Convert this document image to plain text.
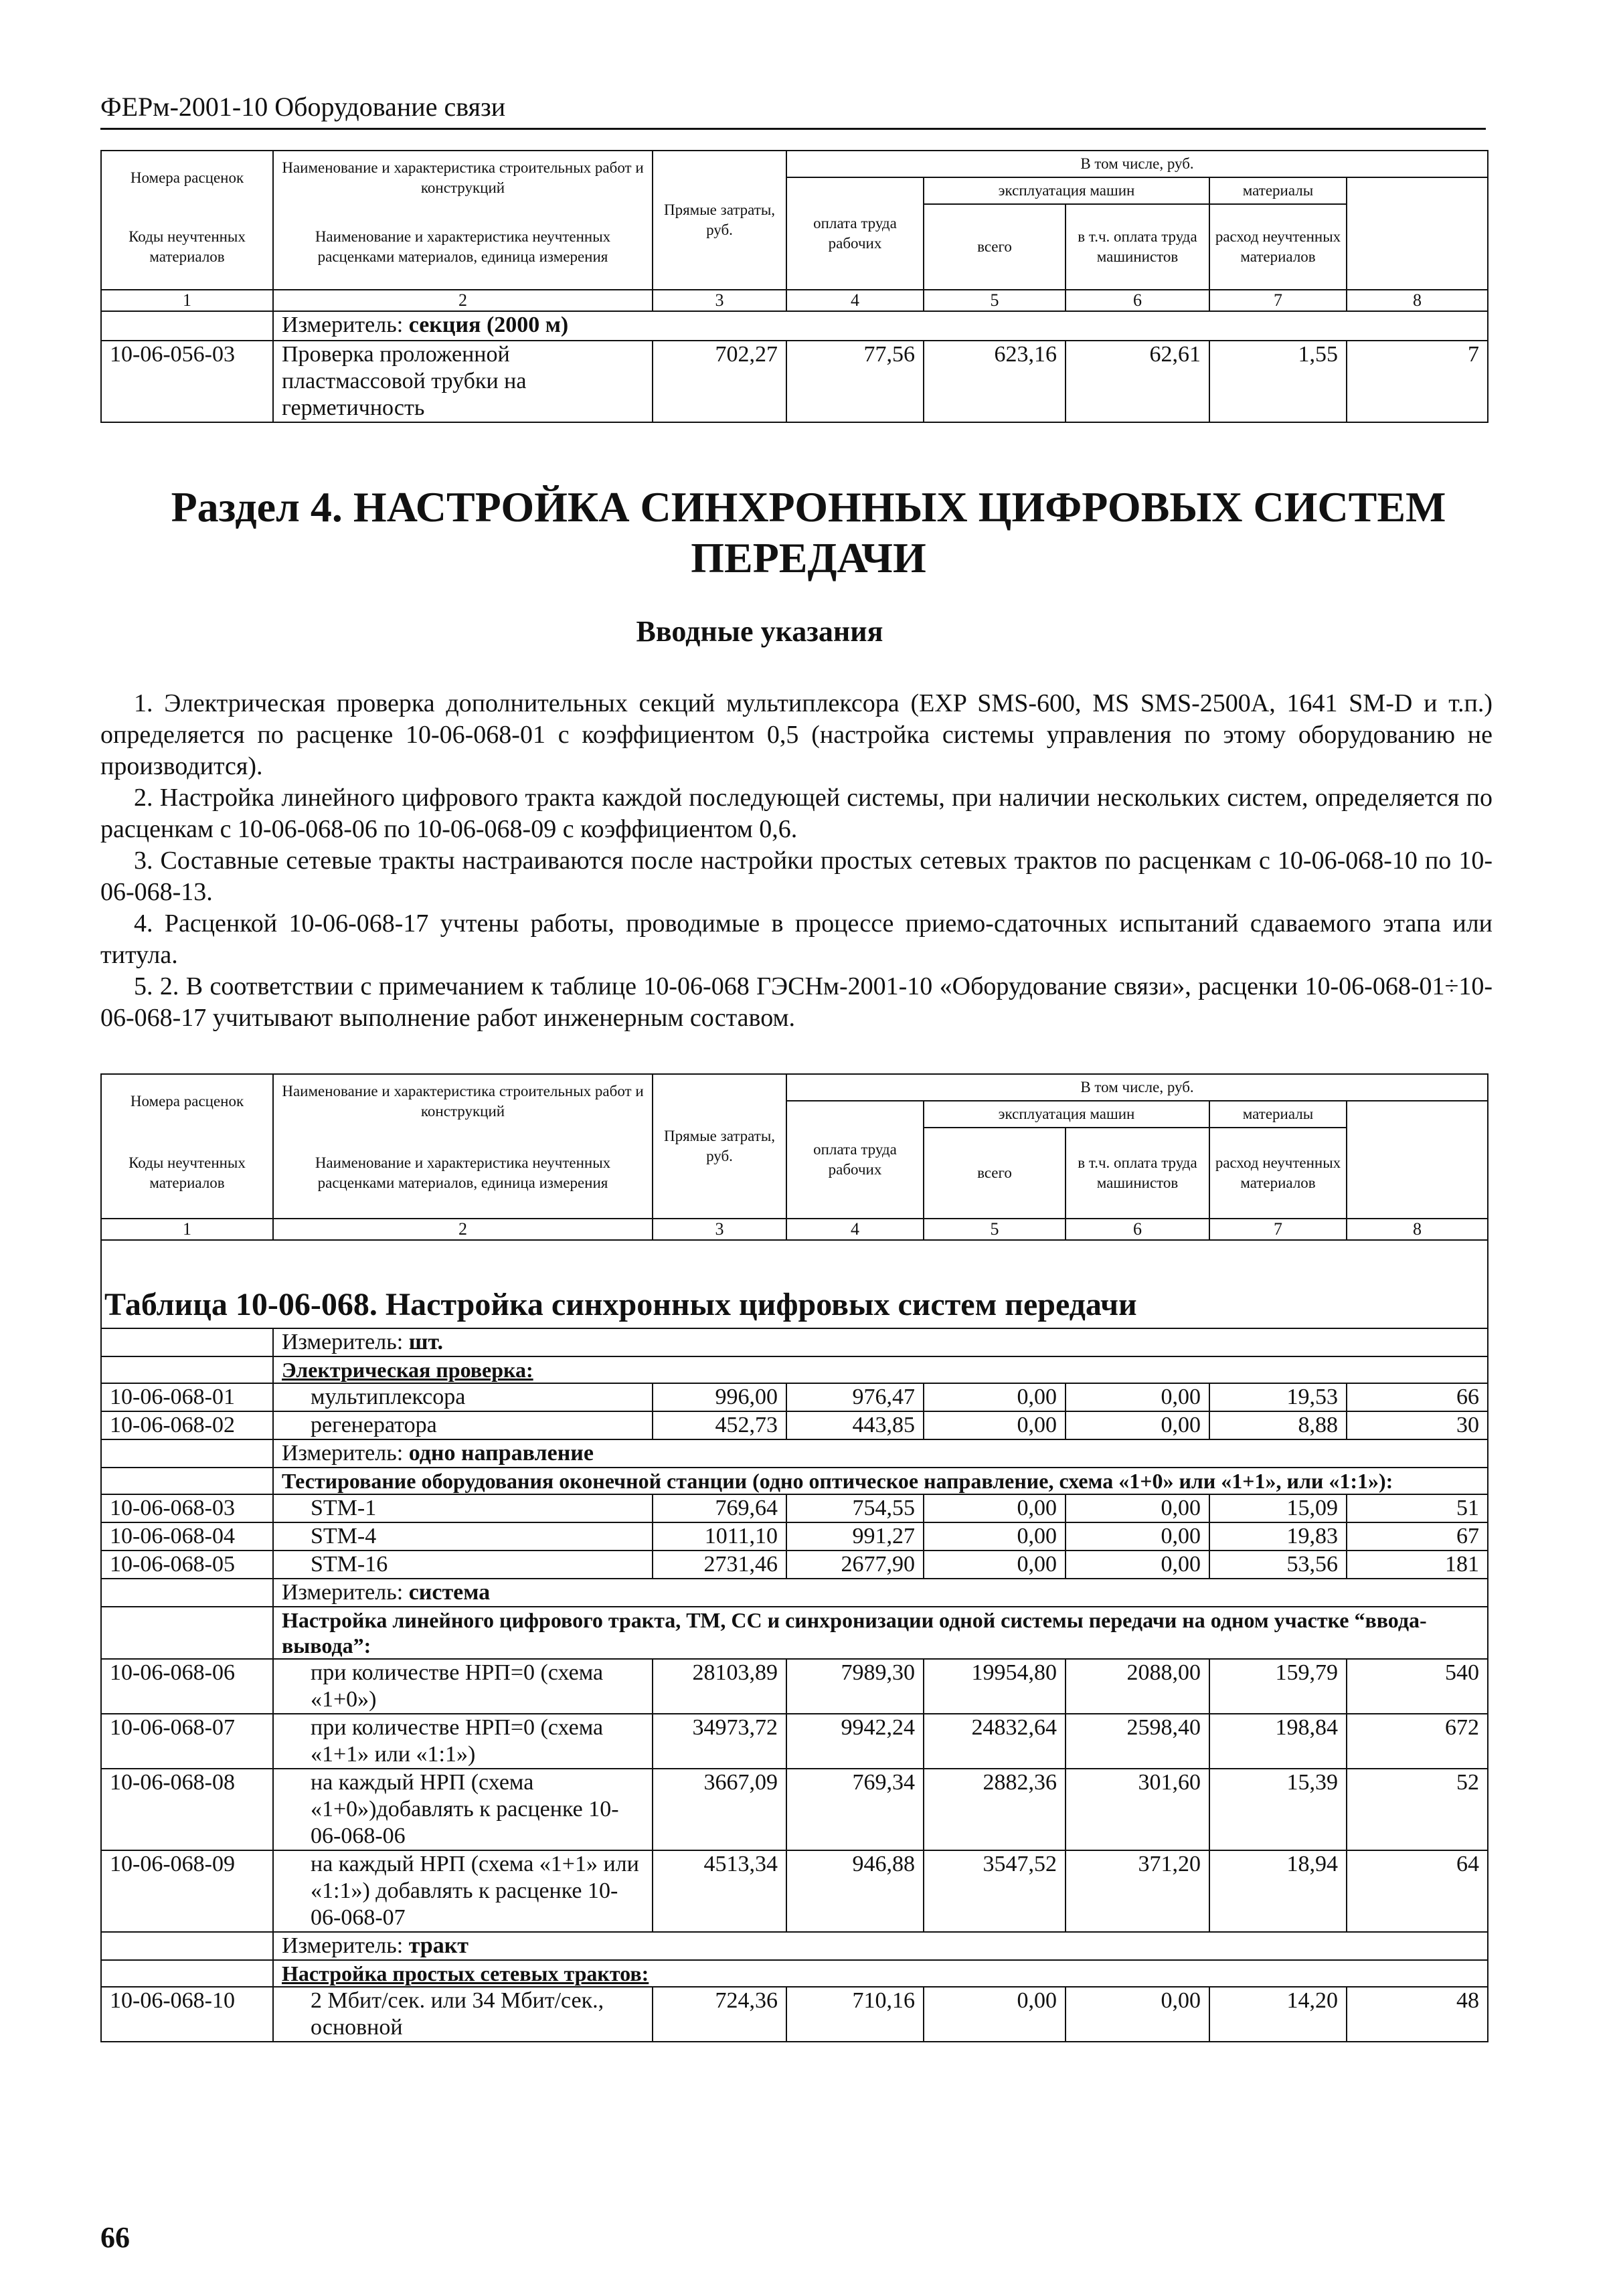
ФЕРм-2001-10 Оборудование связи
Номера расценок	Наименование и характеристика строительных работ и конструкций	Прямые затраты, руб.	В том числе, руб.	
			оплата труда рабочих	эксплуатация машин		материалы		
Коды неучтенных материалов	Наименование и характеристика неучтенных расценками материалов, единица измерения			всего	в т.ч. оплата труда машинистов	расход неучтенных материалов		

1	2	3	4	5	6	7	8	
	Измеритель: секция (2000 м)							
10-06-056-03	Проверка проложенной пластмассовой трубки на герметичность	702,27	77,56	623,16	62,61	1,55	7	
Раздел 4. НАСТРОЙКА СИНХРОННЫХ ЦИФРОВЫХ СИСТЕМ
ПЕРЕДАЧИ
Вводные указания

1. Электрическая проверка дополнительных секций мультиплексора (EXP SMS-600, MS SMS-2500A, 1641 SM-D и т.п.) определяется по расценке 10-06-068-01 с коэффициентом 0,5 (настройка системы управления по этому оборудованию не производится).

2. Настройка линейного цифрового тракта каждой последующей системы, при наличии нескольких систем, определяется по расценкам с 10-06-068-06 по 10-06-068-09 с коэффициентом 0,6.

3. Составные сетевые тракты настраиваются после настройки простых сетевых трактов по расценкам с 10-06-068-10 по 10-06-068-13.

4. Расценкой 10-06-068-17 учтены работы, проводимые в процессе приемо-сдаточных испытаний сдаваемого этапа или титула.

5. 2. В соответствии с примечанием к таблице 10-06-068 ГЭСНм-2001-10 «Оборудование связи», расценки 10-06-068-01÷10-06-068-17 учитывают выполнение работ инженерным составом.

Номера расценок	Наименование и характеристика строительных работ и конструкций	Прямые затраты, руб.	В том числе, руб.	
			оплата труда рабочих	эксплуатация машин		материалы		
Коды неучтенных материалов	Наименование и характеристика неучтенных расценками материалов, единица измерения			всего	в т.ч. оплата труда машинистов	расход неучтенных материалов		

1	2	3	4	5	6	7	8	
Таблица 10-06-068. Настройка синхронных цифровых систем передачи								
	Измеритель: шт.							
	Электрическая проверка:							
10-06-068-01	мультиплексора	996,00	976,47	0,00	0,00	19,53	66	
10-06-068-02	регенератора	452,73	443,85	0,00	0,00	8,88	30	
	Измеритель: одно направление							
	Тестирование оборудования оконечной станции (одно оптическое направление, схема «1+0» или «1+1», или «1:1»):							
10-06-068-03	STM-1	769,64	754,55	0,00	0,00	15,09	51	
10-06-068-04	STM-4	1011,10	991,27	0,00	0,00	19,83	67	
10-06-068-05	STM-16	2731,46	2677,90	0,00	0,00	53,56	181	
	Измеритель: система							
	Настройка линейного цифрового тракта, ТМ, СС и синхронизации одной системы передачи на одном участке “ввода-вывода”:							
10-06-068-06	при количестве НРП=0 (схема «1+0»)	28103,89	7989,30	19954,80	2088,00	159,79	540	
10-06-068-07	при количестве НРП=0 (схема «1+1» или «1:1»)	34973,72	9942,24	24832,64	2598,40	198,84	672	
10-06-068-08	на каждый НРП (схема «1+0»)добавлять к расценке 10-06-068-06	3667,09	769,34	2882,36	301,60	15,39	52	
10-06-068-09	на каждый НРП (схема «1+1» или «1:1») добавлять к расценке 10-06-068-07	4513,34	946,88	3547,52	371,20	18,94	64	
	Измеритель: тракт							
	Настройка простых сетевых трактов:							
10-06-068-10	2 Мбит/сек. или 34 Мбит/сек., основной	724,36	710,16	0,00	0,00	14,20	48	
66
